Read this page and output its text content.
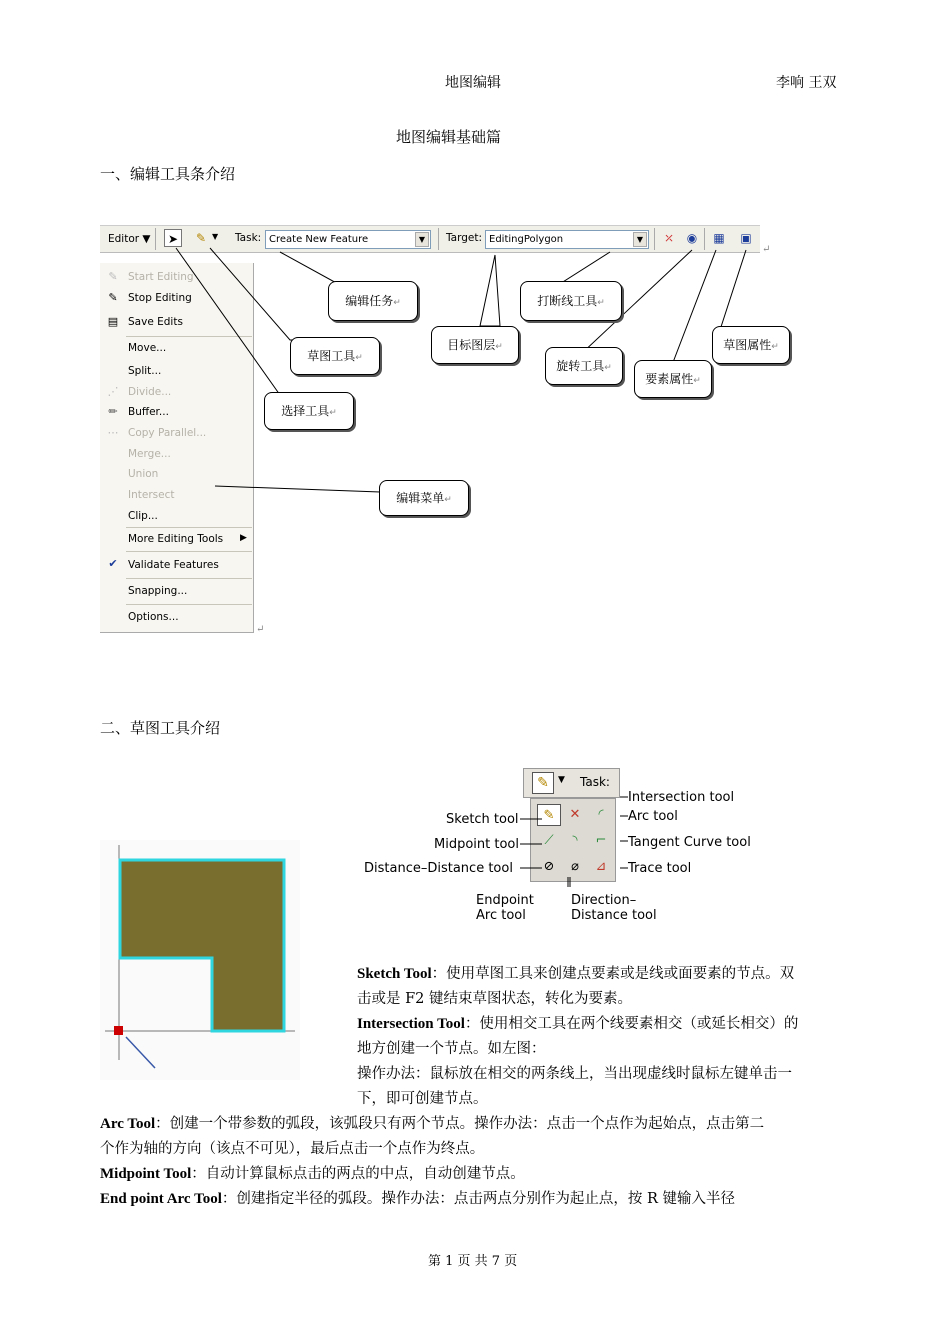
地图编辑	李响 王双
地图编辑基础篇
一、编辑工具条介绍
Editor ▼	➤	✎ ▼ Task: Create New Feature	▼	Target: EditingPolygon	▼	⤫	◉	▦ ▣
↵
✎ Start Editing
✎ Stop Editing
▤ Save Edits
Move...
Split...
⋰ Divide...
✏ Buffer...
⋯ Copy Parallel...
Merge...
Union
Intersect
Clip...
More Editing Tools ▶
✔ Validate Features
Snapping...
Options...
↵
编辑任务↵	打断线工具↵
目标图层↵
草图工具↵
旋转工具↵
要素属性↵
草图属性↵
选择工具↵
编辑菜单↵
二、草图工具介绍
✎	▼ Task:
✎	✕	◜
⟋	◝	⌐
⊘	⌀	⊿
Sketch tool
Midpoint tool
Distance–Distance tool
Endpoint
Arc tool
Direction–
Distance tool
Intersection tool
Arc tool
Tangent Curve tool
Trace tool
Sketch Tool：使用草图工具来创建点要素或是线或面要素的节点。双
击或是 F2 键结束草图状态，转化为要素。
Intersection Tool：使用相交工具在两个线要素相交（或延长相交）的
地方创建一个节点。如左图：
操作办法：鼠标放在相交的两条线上，当出现虚线时鼠标左键单击一
下，即可创建节点。
Arc Tool：创建一个带参数的弧段，该弧段只有两个节点。操作办法：点击一个点作为起始点，点击第二
个作为轴的方向（该点不可见），最后点击一个点作为终点。
Midpoint Tool：自动计算鼠标点击的两点的中点，自动创建节点。
End point Arc Tool：创建指定半径的弧段。操作办法：点击两点分别作为起止点，按 R 键输入半径
第 1 页 共 7 页
